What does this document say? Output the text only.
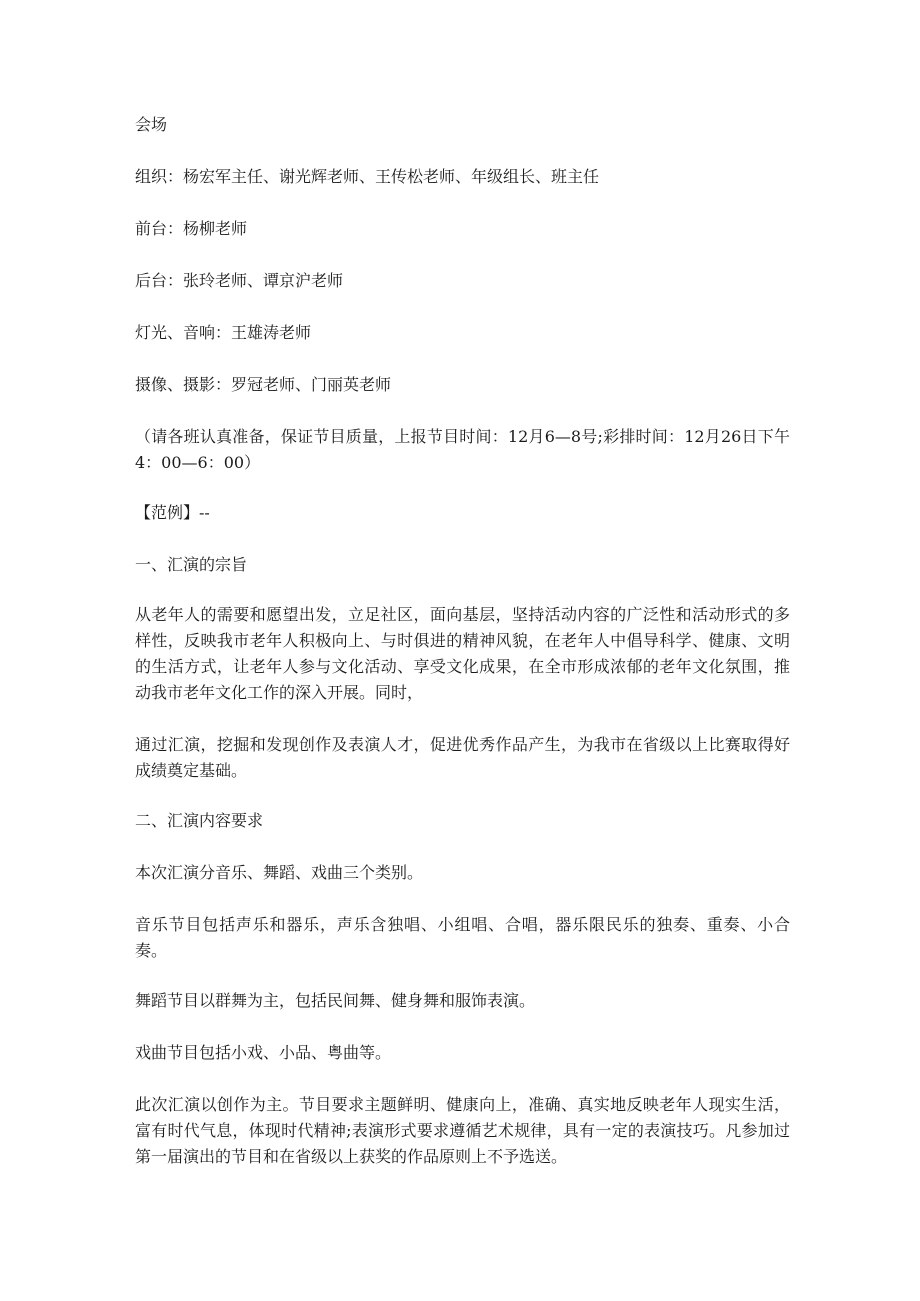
会场

组织：杨宏军主任、谢光辉老师、王传松老师、年级组长、班主任

前台：杨柳老师

后台：张玲老师、谭京沪老师

灯光、音响：王雄涛老师

摄像、摄影：罗冠老师、门丽英老师

（请各班认真准备，保证节目质量，上报节目时间：12月6—8号;彩排时间：12月26日下午4：00—6：00）

【范例】--

一、汇演的宗旨

从老年人的需要和愿望出发，立足社区，面向基层，坚持活动内容的广泛性和活动形式的多样性，反映我市老年人积极向上、与时俱进的精神风貌，在老年人中倡导科学、健康、文明的生活方式，让老年人参与文化活动、享受文化成果，在全市形成浓郁的老年文化氛围，推动我市老年文化工作的深入开展。同时，

通过汇演，挖掘和发现创作及表演人才，促进优秀作品产生，为我市在省级以上比赛取得好成绩奠定基础。

二、汇演内容要求

本次汇演分音乐、舞蹈、戏曲三个类别。

音乐节目包括声乐和器乐，声乐含独唱、小组唱、合唱，器乐限民乐的独奏、重奏、小合奏。

舞蹈节目以群舞为主，包括民间舞、健身舞和服饰表演。

戏曲节目包括小戏、小品、粤曲等。

此次汇演以创作为主。节目要求主题鲜明、健康向上，准确、真实地反映老年人现实生活，富有时代气息，体现时代精神;表演形式要求遵循艺术规律，具有一定的表演技巧。凡参加过第一届演出的节目和在省级以上获奖的作品原则上不予选送。
